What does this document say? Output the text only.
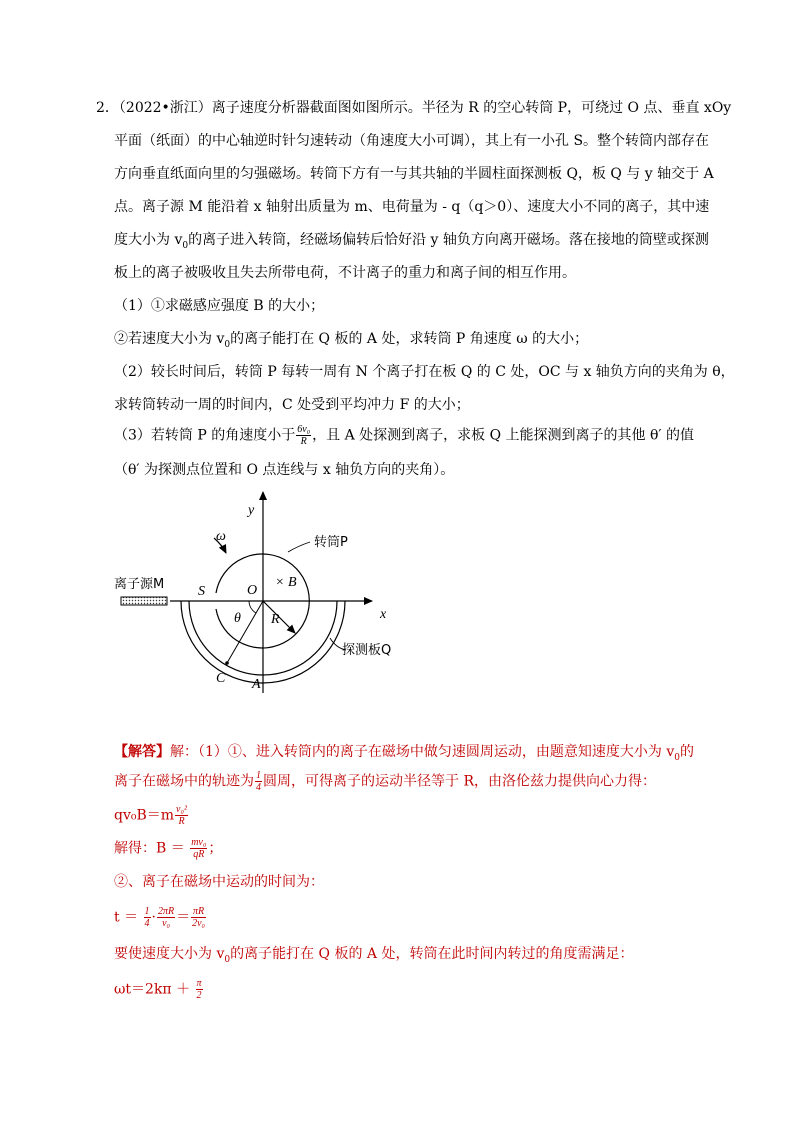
2．（2022•浙江）离子速度分析器截面图如图所示。半径为 R 的空心转筒 P，可绕过 O 点、垂直 xOy
平面（纸面）的中心轴逆时针匀速转动（角速度大小可调），其上有一小孔 S。整个转筒内部存在
方向垂直纸面向里的匀强磁场。转筒下方有一与其共轴的半圆柱面探测板 Q，板 Q 与 y 轴交于 A
点。离子源 M 能沿着 x 轴射出质量为 m、电荷量为 - q（q＞0）、速度大小不同的离子，其中速
度大小为 $v_0$的离子进入转筒，经磁场偏转后恰好沿 y 轴负方向离开磁场。落在接地的筒壁或探测
板上的离子被吸收且失去所带电荷，不计离子的重力和离子间的相互作用。
（1）①求磁感应强度 B 的大小；
②若速度大小为 $v_0$的离子能打在 Q 板的 A 处，求转筒 P 角速度 ω 的大小；
（2）较长时间后，转筒 P 每转一周有 N 个离子打在板 Q 的 C 处，OC 与 x 轴负方向的夹角为 θ，
求转筒转动一周的时间内，C 处受到平均冲力 F 的大小；
（3）若转筒 P 的角速度小于 $\frac{\text{6v₀}}{R}$ ，且 A 处探测到离子，求板 Q 上能探测到离子的其他 θ′ 的值
（θ′ 为探测点位置和 O 点连线与 x 轴负方向的夹角）。
y
x
ω	转筒P
离子源M S	O
× B
θ R
探测板Q
C A
【解答】解：（1）①、进入转筒内的离子在磁场中做匀速圆周运动，由题意知速度大小为 $v_0$的
离子在磁场中的轨迹为 $\frac{1}{4}$ 圆周，可得离子的运动半径等于 R，由洛伦兹力提供向心力得：
$qv_0B=m \frac{\text{v₀²}}{R}$
解得：$B = \frac{\text{mv₀}}{qR}$ ；
②、离子在磁场中运动的时间为：
$t = \frac{1}{4} \cdot \frac{2\pi R}{\text{v₀}} = \frac{\pi R}{\text{2v₀}}$
要使速度大小为 $v_0$的离子能打在 Q 板的 A 处，转筒在此时间内转过的角度需满足：
$\omega t=2k\pi + \frac{\pi}{2}$
